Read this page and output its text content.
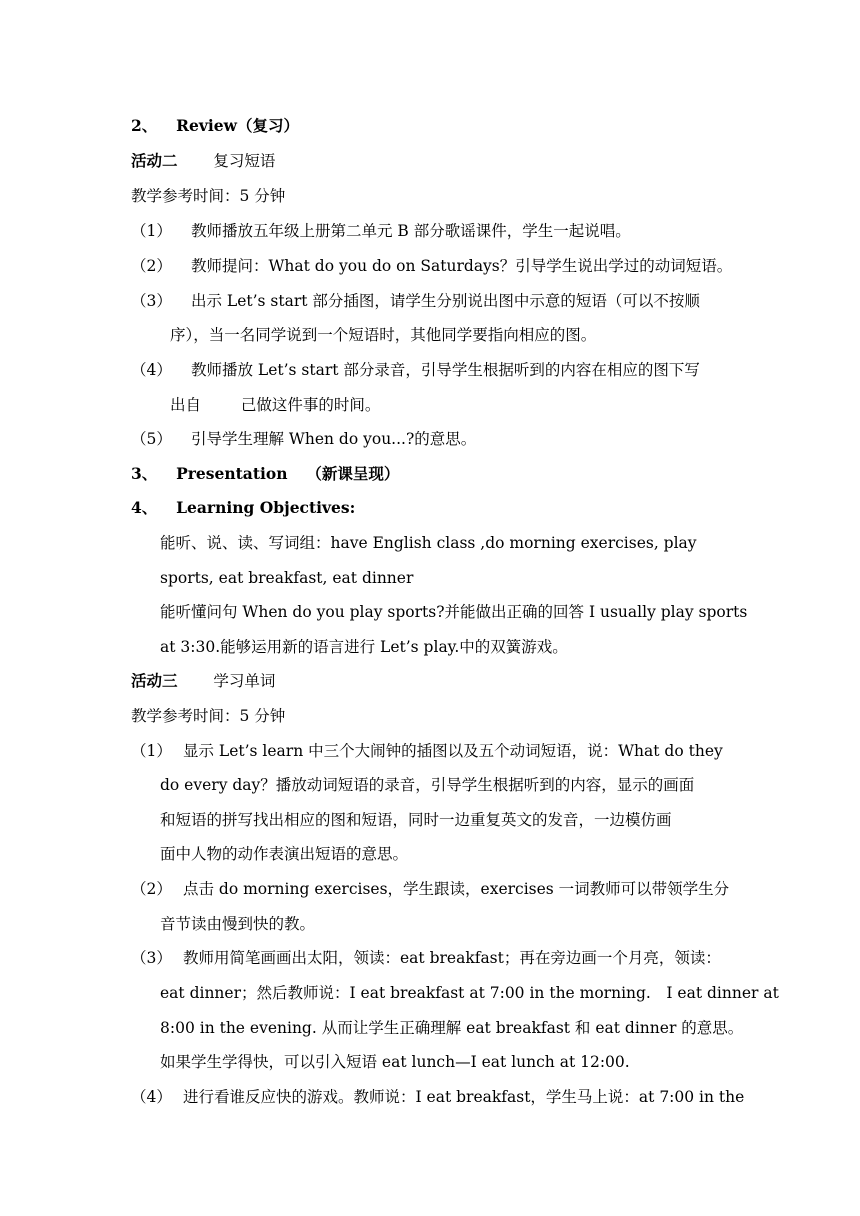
2、 Review（复习）
活动二 复习短语
教学参考时间：5 分钟
（1） 教师播放五年级上册第二单元 B 部分歌谣课件，学生一起说唱。
（2） 教师提问：What do you do on Saturdays？引导学生说出学过的动词短语。
（3） 出示 Let’s start 部分插图，请学生分别说出图中示意的短语（可以不按顺
序），当一名同学说到一个短语时，其他同学要指向相应的图。
（4） 教师播放 Let’s start 部分录音，引导学生根据听到的内容在相应的图下写
出自	己做这件事的时间。
（5） 引导学生理解 When do you...?的意思。
3、 Presentation （新课呈现）
4、 Learning Objectives:
能听、说、读、写词组：have English class ,do morning exercises, play
sports, eat breakfast, eat dinner
能听懂问句 When do you play sports?并能做出正确的回答 I usually play sports
at 3:30.能够运用新的语言进行 Let’s play.中的双簧游戏。
活动三 学习单词
教学参考时间：5 分钟
（1） 显示 Let’s learn 中三个大闹钟的插图以及五个动词短语，说：What do they
do every day？播放动词短语的录音，引导学生根据听到的内容，显示的画面
和短语的拼写找出相应的图和短语，同时一边重复英文的发音，一边模仿画
面中人物的动作表演出短语的意思。
（2） 点击 do morning exercises，学生跟读，exercises 一词教师可以带领学生分
音节读由慢到快的教。
（3） 教师用简笔画画出太阳，领读：eat breakfast；再在旁边画一个月亮，领读：
eat dinner；然后教师说：I eat breakfast at 7:00 in the morning.　I eat dinner at
8:00 in the evening. 从而让学生正确理解 eat breakfast 和 eat dinner 的意思。
如果学生学得快，可以引入短语 eat lunch—I eat lunch at 12:00.
（4） 进行看谁反应快的游戏。教师说：I eat breakfast，学生马上说：at 7:00 in the
